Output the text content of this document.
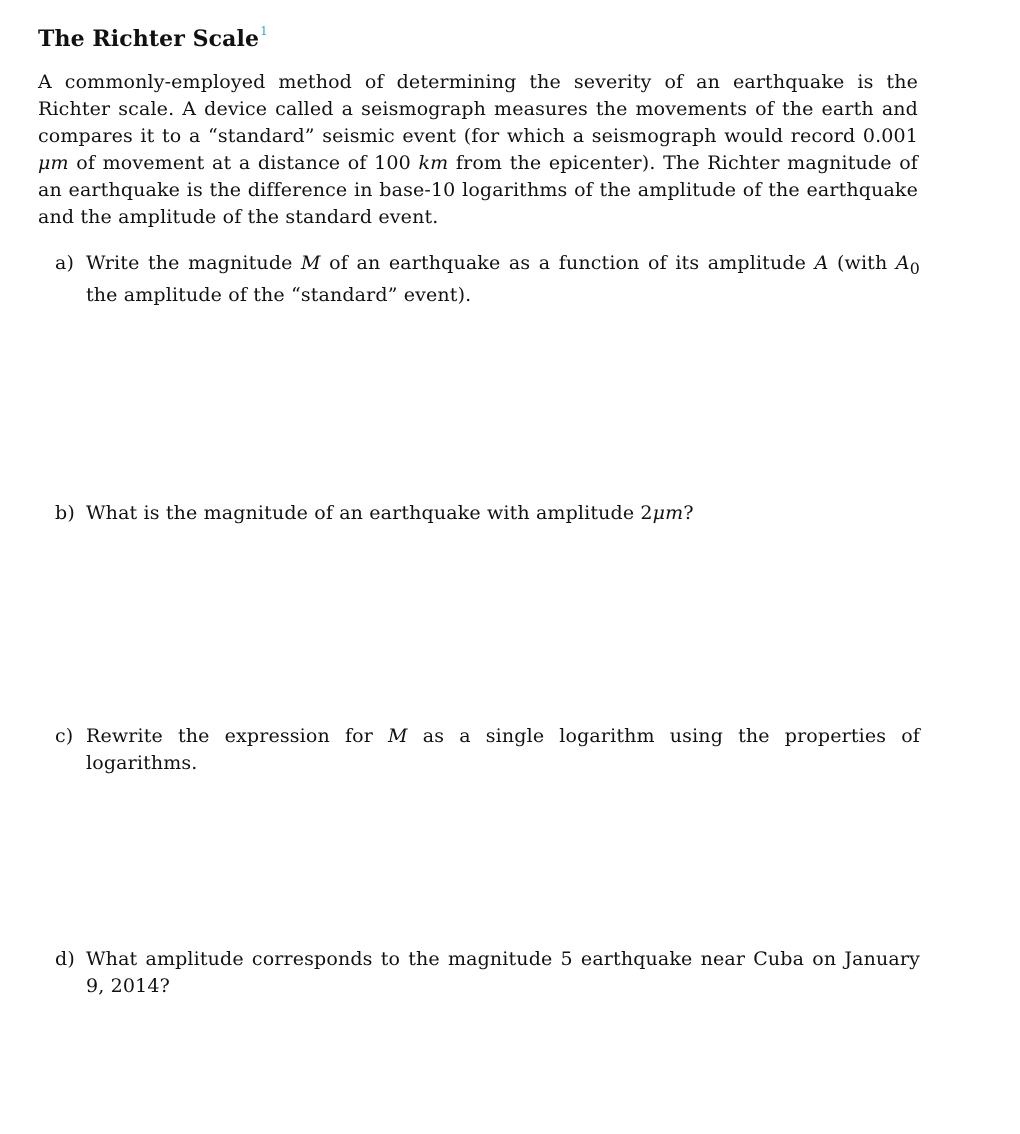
The Richter Scale$^1$

A commonly-employed method of determining the severity of an earthquake is the Richter scale. A device called a seismograph measures the movements of the earth and compares it to a “standard” seismic event (for which a seismograph would record 0.001 μm of movement at a distance of 100 km from the epicenter). The Richter magnitude of an earthquake is the difference in base-10 logarithms of the amplitude of the earthquake and the amplitude of the standard event.

a) Write the magnitude M of an earthquake as a function of its amplitude A (with $A_0$ the amplitude of the “standard” event).
b) What is the magnitude of an earthquake with amplitude 2μm?
c) Rewrite the expression for M as a single logarithm using the properties of logarithms.
d) What amplitude corresponds to the magnitude 5 earthquake near Cuba on January 9, 2014?
